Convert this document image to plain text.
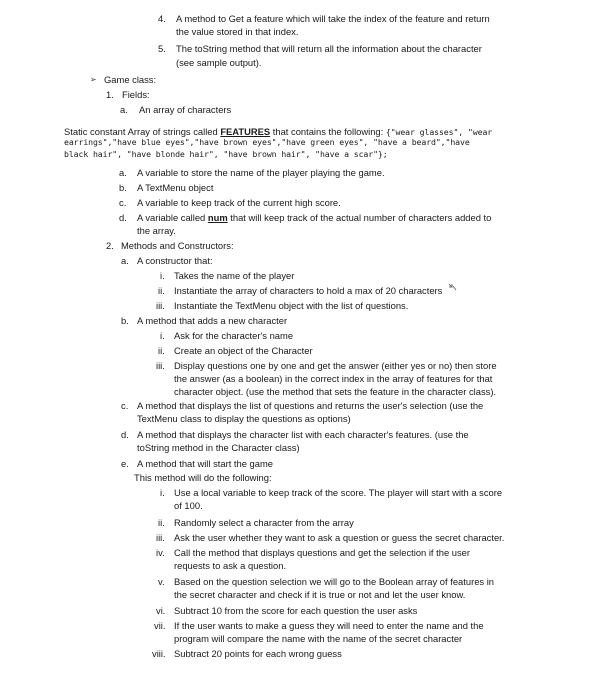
4. A method to Get a feature which will take the index of the feature and return
the value stored in that index.
5. The toString method that will return all the information about the character
(see sample output).
➢ Game class:
1. Fields:
a. An array of characters
Static constant Array of strings called FEATURES that contains the following: {"wear glasses", "wear
earrings","have blue eyes","have brown eyes","have green eyes", "have a beard","have
black hair", "have blonde hair", "have brown hair", "have a scar"};
a. A variable to store the name of the player playing the game.
b. A TextMenu object
c. A variable to keep track of the current high score.
d. A variable called num that will keep track of the actual number of characters added to
the array.
2. Methods and Constructors:
a. A constructor that:
i. Takes the name of the player
ii. Instantiate the array of characters to hold a max of 20 characters
iii. Instantiate the TextMenu object with the list of questions.
b. A method that adds a new character
i. Ask for the character's name
ii. Create an object of the Character
iii. Display questions one by one and get the answer (either yes or no) then store
the answer (as a boolean) in the correct index in the array of features for that
character object. (use the method that sets the feature in the character class).
c. A method that displays the list of questions and returns the user's selection (use the
TextMenu class to display the questions as options)
d. A method that displays the character list with each character's features. (use the
toString method in the Character class)
e. A method that will start the game
This method will do the following:
i. Use a local variable to keep track of the score. The player will start with a score
of 100.
ii. Randomly select a character from the array
iii. Ask the user whether they want to ask a question or guess the secret character.
iv. Call the method that displays questions and get the selection if the user
requests to ask a question.
v. Based on the question selection we will go to the Boolean array of features in
the secret character and check if it is true or not and let the user know.
vi. Subtract 10 from the score for each question the user asks
vii. If the user wants to make a guess they will need to enter the name and the
program will compare the name with the name of the secret character
viii. Subtract 20 points for each wrong guess
